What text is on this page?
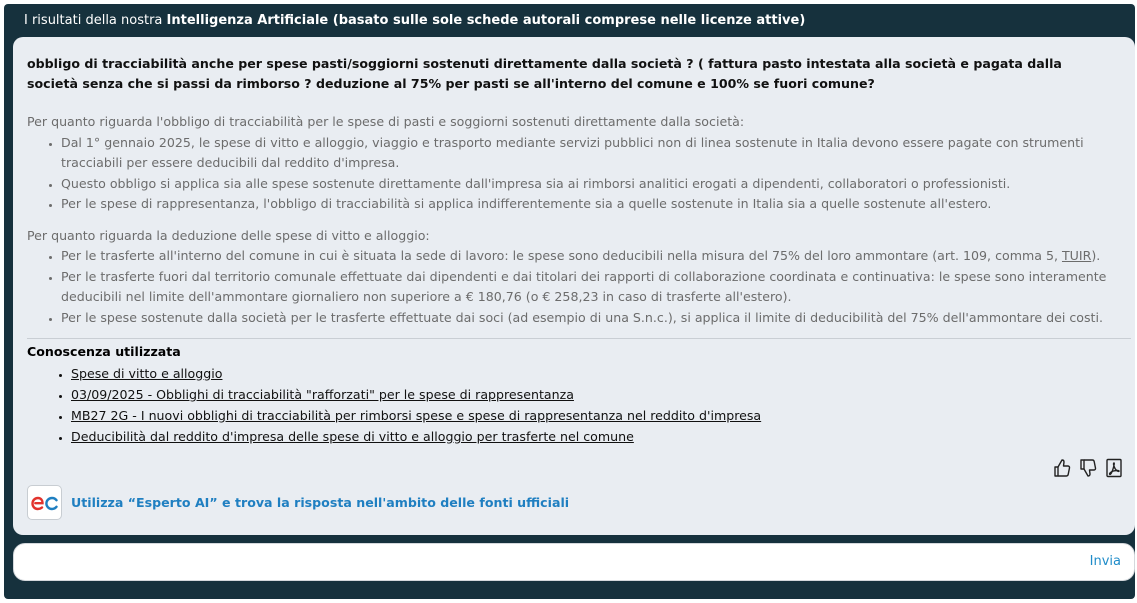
I risultati della nostra Intelligenza Artificiale (basato sulle sole schede autorali comprese nelle licenze attive)
obbligo di tracciabilità anche per spese pasti/soggiorni sostenuti direttamente dalla società ? ( fattura pasto intestata alla società e pagata dalla società senza che si passi da rimborso ? deduzione al 75% per pasti se all'interno del comune e 100% se fuori comune?

Per quanto riguarda l'obbligo di tracciabilità per le spese di pasti e soggiorni sostenuti direttamente dalla società:

• Dal 1° gennaio 2025, le spese di vitto e alloggio, viaggio e trasporto mediante servizi pubblici non di linea sostenute in Italia devono essere pagate con strumenti tracciabili per essere deducibili dal reddito d'impresa.
• Questo obbligo si applica sia alle spese sostenute direttamente dall'impresa sia ai rimborsi analitici erogati a dipendenti, collaboratori o professionisti.
• Per le spese di rappresentanza, l'obbligo di tracciabilità si applica indifferentemente sia a quelle sostenute in Italia sia a quelle sostenute all'estero.

Per quanto riguarda la deduzione delle spese di vitto e alloggio:

• Per le trasferte all'interno del comune in cui è situata la sede di lavoro: le spese sono deducibili nella misura del 75% del loro ammontare (art. 109, comma 5, TUIR).
• Per le trasferte fuori dal territorio comunale effettuate dai dipendenti e dai titolari dei rapporti di collaborazione coordinata e continuativa: le spese sono interamente deducibili nel limite dell'ammontare giornaliero non superiore a € 180,76 (o € 258,23 in caso di trasferte all'estero).
• Per le spese sostenute dalla società per le trasferte effettuate dai soci (ad esempio di una S.n.c.), si applica il limite di deducibilità del 75% dell'ammontare dei costi.
Conoscenza utilizzata
• Spese di vitto e alloggio
• 03/09/2025 - Obblighi di tracciabilità "rafforzati" per le spese di rappresentanza
• MB27 2G - I nuovi obblighi di tracciabilità per rimborsi spese e spese di rappresentanza nel reddito d'impresa
• Deducibilità dal reddito d'impresa delle spese di vitto e alloggio per trasferte nel comune
Utilizza “Esperto AI” e trova la risposta nell'ambito delle fonti ufficiali
Invia
